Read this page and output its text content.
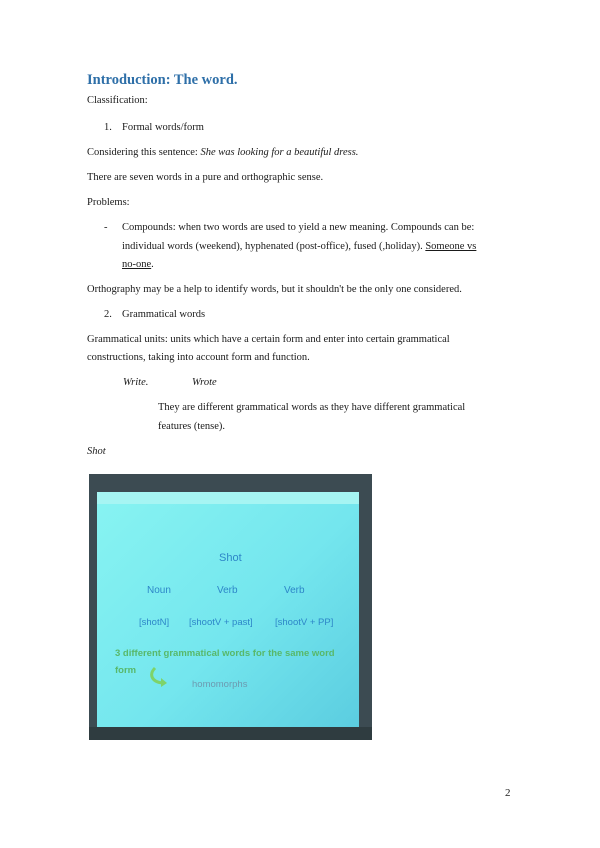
Introduction: The word.
Classification:
1. Formal words/form
Considering this sentence: She was looking for a beautiful dress.
There are seven words in a pure and orthographic sense.
Problems:
- Compounds: when two words are used to yield a new meaning. Compounds can be:
individual words (weekend), hyphenated (post-office), fused (,holiday). Someone vs
no-one.
Orthography may be a help to identify words, but it shouldn't be the only one considered.
2. Grammatical words
Grammatical units: units which have a certain form and enter into certain grammatical
constructions, taking into account form and function.
Write.	Wrote
They are different grammatical words as they have different grammatical
features (tense).
Shot
Shot
Noun	Verb	Verb
[shotN] [shootV + past] [shootV + PP]
3 different grammatical words for the same word
form
homomorphs
2
